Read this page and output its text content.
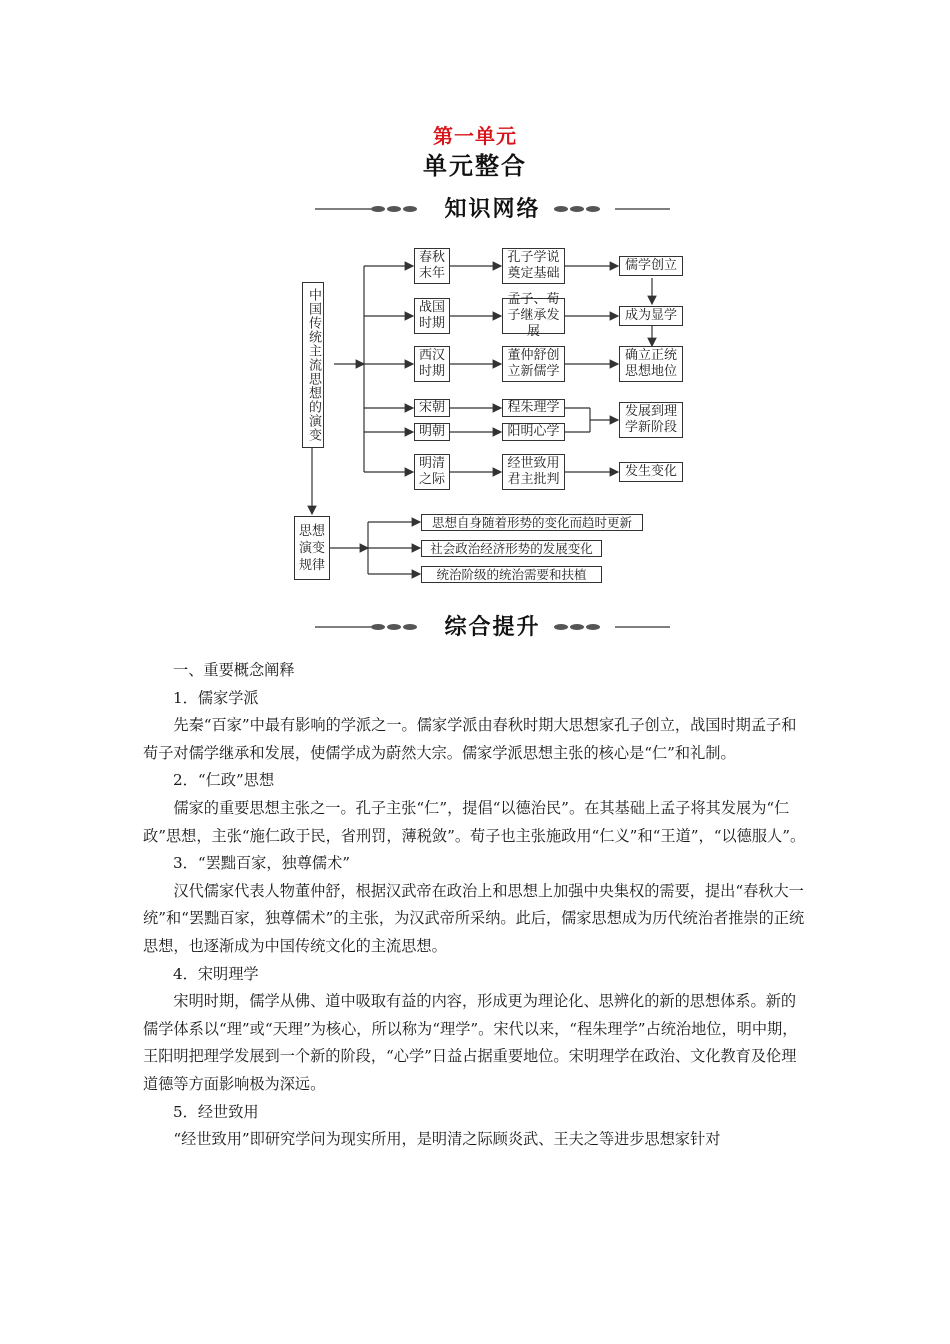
第一单元
单元整合
知识网络
中国传统主流思想的演变
春秋末年
战国时期
西汉时期
宋朝
明朝
明清之际
孔子学说奠定基础
孟子、荀子继承发展
董仲舒创立新儒学
程朱理学
阳明心学
经世致用君主批判
儒学创立
成为显学
确立正统思想地位
发展到理学新阶段
发生变化
思想演变规律
思想自身随着形势的变化而趋时更新
社会政治经济形势的发展变化
统治阶级的统治需要和扶植
综合提升

一、重要概念阐释

1．儒家学派

先秦“百家”中最有影响的学派之一。儒家学派由春秋时期大思想家孔子创立，战国时期孟子和荀子对儒学继承和发展，使儒学成为蔚然大宗。儒家学派思想主张的核心是“仁”和礼制。

2．“仁政”思想

儒家的重要思想主张之一。孔子主张“仁”，提倡“以德治民”。在其基础上孟子将其发展为“仁政”思想，主张“施仁政于民，省刑罚，薄税敛”。荀子也主张施政用“仁义”和“王道”，“以德服人”。

3．“罢黜百家，独尊儒术”

汉代儒家代表人物董仲舒，根据汉武帝在政治上和思想上加强中央集权的需要，提出“春秋大一统”和“罢黜百家，独尊儒术”的主张，为汉武帝所采纳。此后，儒家思想成为历代统治者推崇的正统思想，也逐渐成为中国传统文化的主流思想。

4．宋明理学

宋明时期，儒学从佛、道中吸取有益的内容，形成更为理论化、思辨化的新的思想体系。新的儒学体系以“理”或“天理”为核心，所以称为“理学”。宋代以来，“程朱理学”占统治地位，明中期，王阳明把理学发展到一个新的阶段，“心学”日益占据重要地位。宋明理学在政治、文化教育及伦理道德等方面影响极为深远。

5．经世致用

“经世致用”即研究学问为现实所用，是明清之际顾炎武、王夫之等进步思想家针对
